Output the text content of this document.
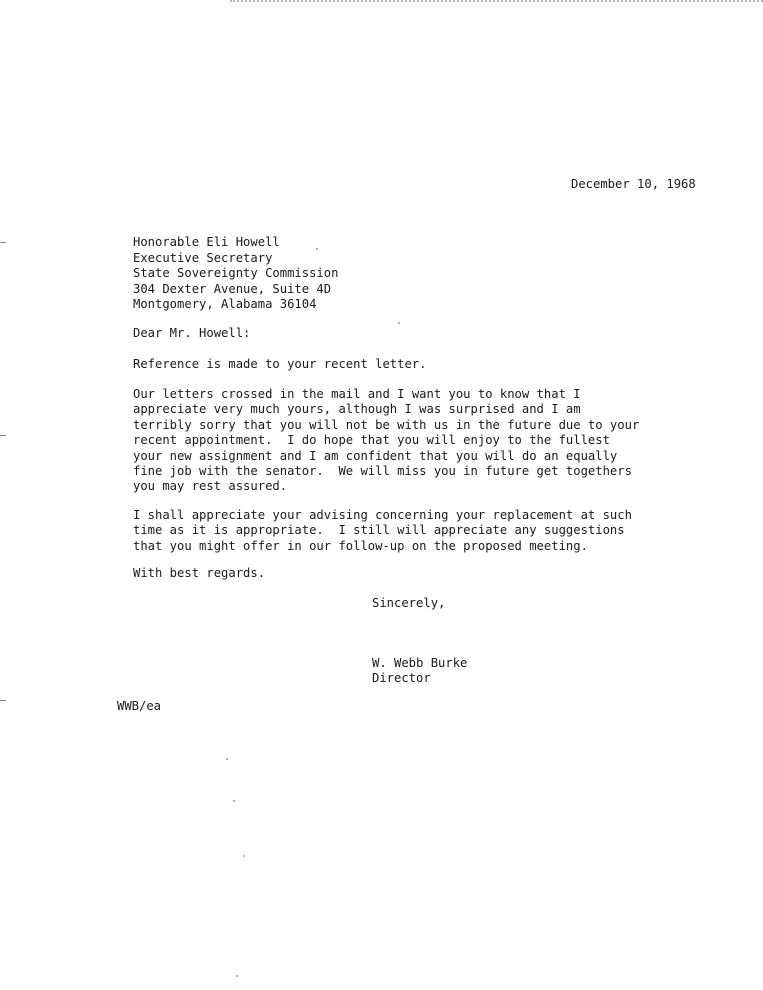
December 10, 1968
Honorable Eli Howell
Executive Secretary
State Sovereignty Commission
304 Dexter Avenue, Suite 4D
Montgomery, Alabama 36104
Dear Mr. Howell:
Reference is made to your recent letter.
Our letters crossed in the mail and I want you to know that I
appreciate very much yours, although I was surprised and I am
terribly sorry that you will not be with us in the future due to your
recent appointment.  I do hope that you will enjoy to the fullest
your new assignment and I am confident that you will do an equally
fine job with the senator.  We will miss you in future get togethers
you may rest assured.
I shall appreciate your advising concerning your replacement at such
time as it is appropriate.  I still will appreciate any suggestions
that you might offer in our follow-up on the proposed meeting.
With best regards.
Sincerely,
W. Webb Burke
Director
WWB/ea
